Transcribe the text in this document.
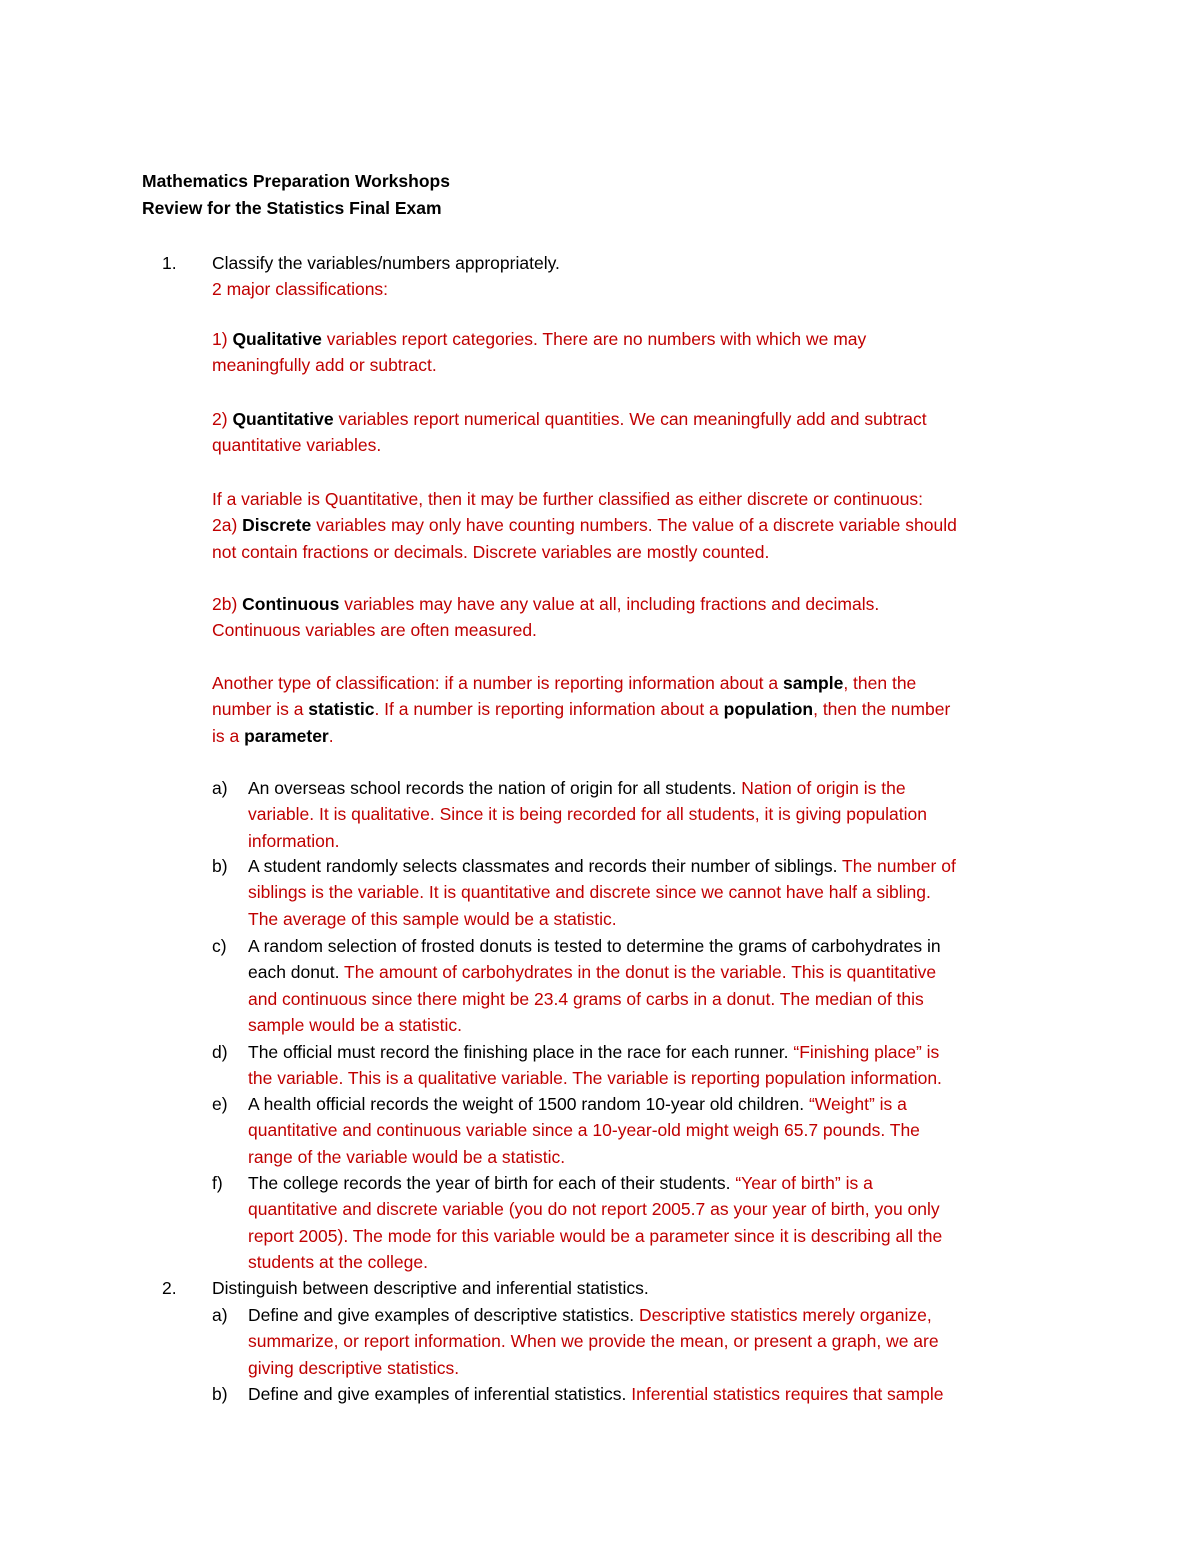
Mathematics Preparation Workshops
Review for the Statistics Final Exam
1.	Classify the variables/numbers appropriately.
2 major classifications:
1) Qualitative variables report categories. There are no numbers with which we may
meaningfully add or subtract.
2) Quantitative variables report numerical quantities. We can meaningfully add and subtract
quantitative variables.
If a variable is Quantitative, then it may be further classified as either discrete or continuous:
2a) Discrete variables may only have counting numbers. The value of a discrete variable should
not contain fractions or decimals. Discrete variables are mostly counted.
2b) Continuous variables may have any value at all, including fractions and decimals.
Continuous variables are often measured.
Another type of classification: if a number is reporting information about a sample, then the
number is a statistic. If a number is reporting information about a population, then the number
is a parameter.
a)	An overseas school records the nation of origin for all students. Nation of origin is the
variable. It is qualitative. Since it is being recorded for all students, it is giving population
information.
b)	A student randomly selects classmates and records their number of siblings. The number of
siblings is the variable. It is quantitative and discrete since we cannot have half a sibling.
The average of this sample would be a statistic.
c)	A random selection of frosted donuts is tested to determine the grams of carbohydrates in
each donut. The amount of carbohydrates in the donut is the variable. This is quantitative
and continuous since there might be 23.4 grams of carbs in a donut. The median of this
sample would be a statistic.
d)	The official must record the finishing place in the race for each runner. “Finishing place” is
the variable. This is a qualitative variable. The variable is reporting population information.
e)	A health official records the weight of 1500 random 10-year old children. “Weight” is a
quantitative and continuous variable since a 10-year-old might weigh 65.7 pounds. The
range of the variable would be a statistic.
f)	The college records the year of birth for each of their students. “Year of birth” is a
quantitative and discrete variable (you do not report 2005.7 as your year of birth, you only
report 2005). The mode for this variable would be a parameter since it is describing all the
students at the college.
2.	Distinguish between descriptive and inferential statistics.
a)	Define and give examples of descriptive statistics. Descriptive statistics merely organize,
summarize, or report information. When we provide the mean, or present a graph, we are
giving descriptive statistics.
b)	Define and give examples of inferential statistics. Inferential statistics requires that sample
